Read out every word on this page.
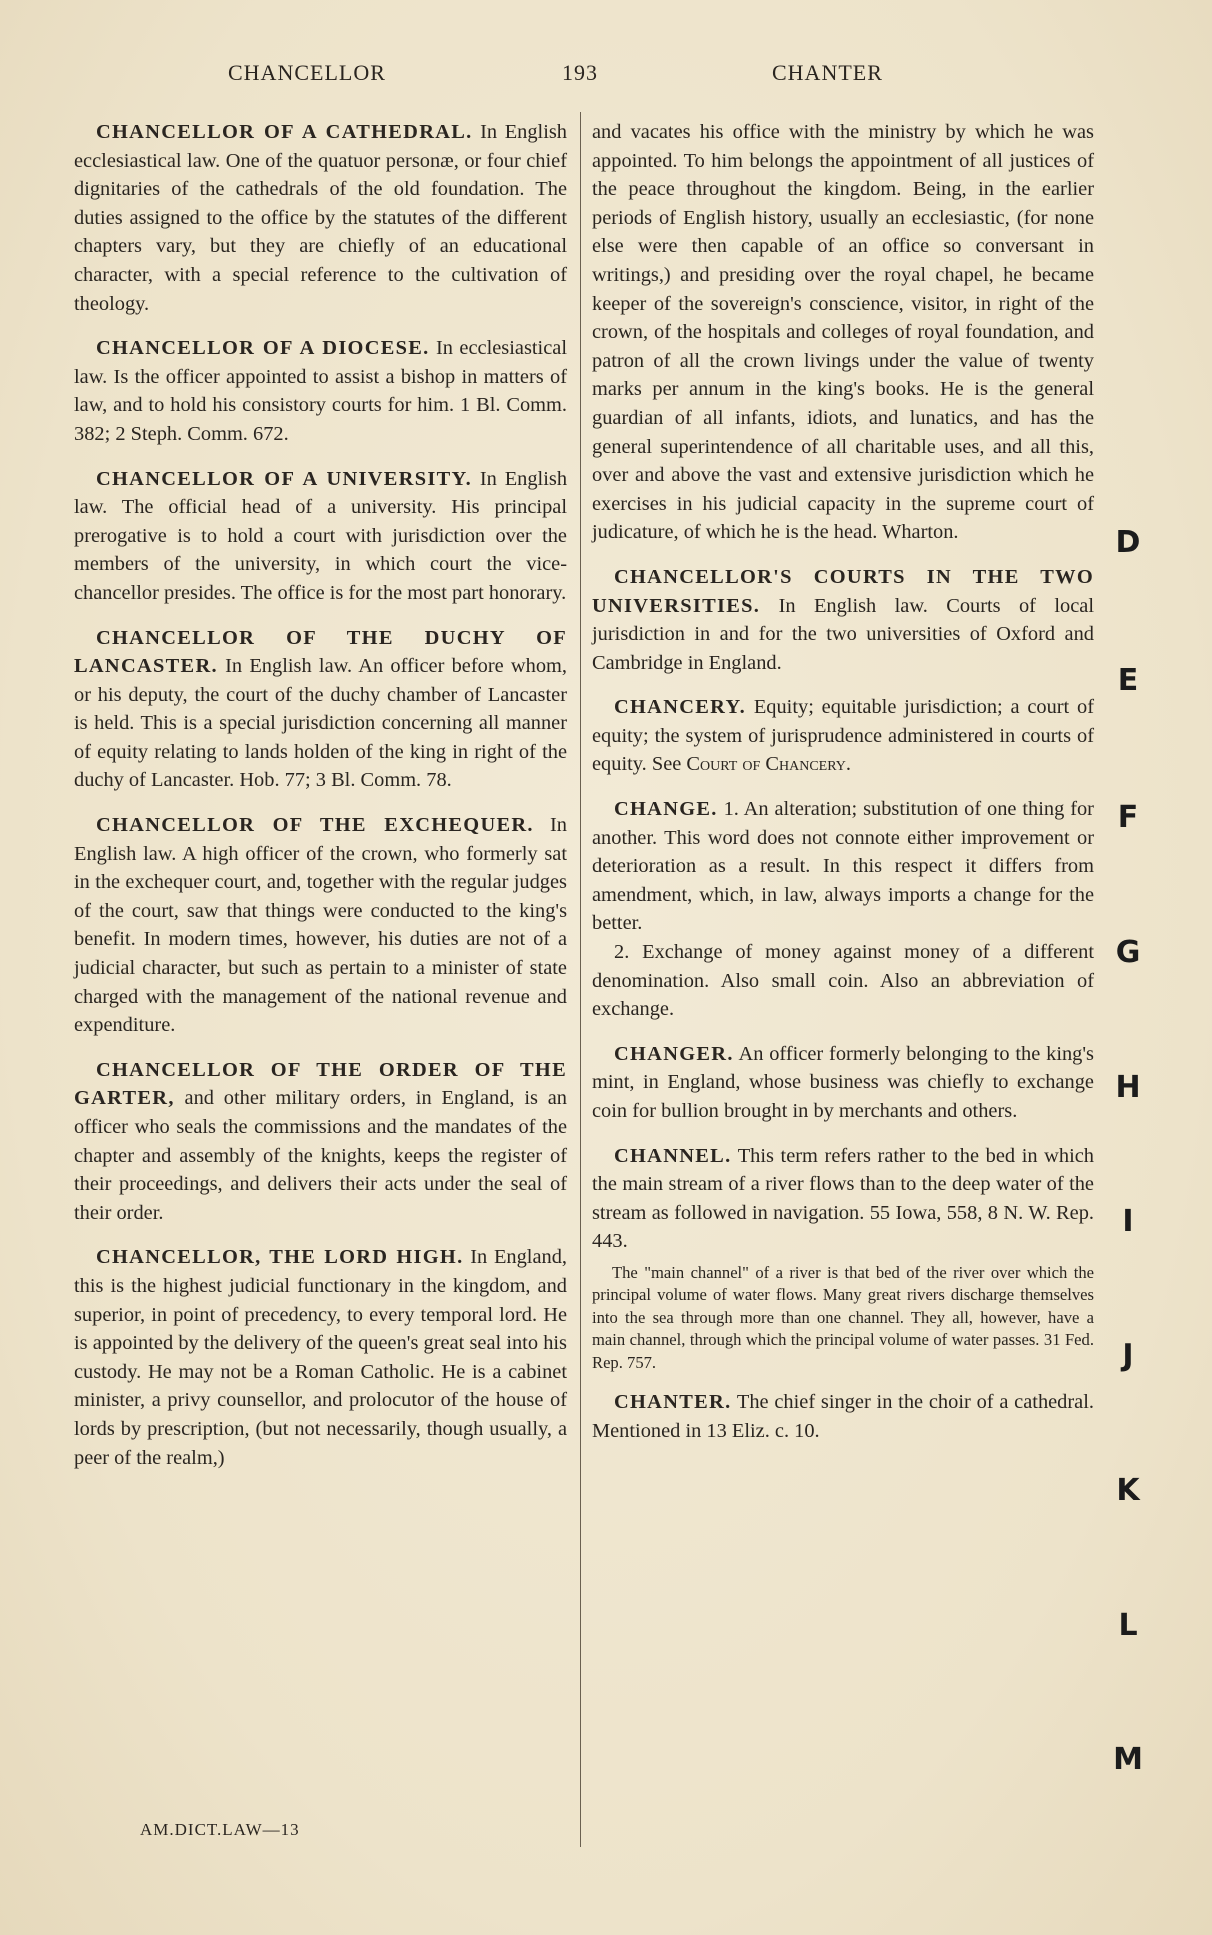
CHANCELLOR	193	CHANTER

CHANCELLOR OF A CATHEDRAL. In English ecclesiastical law. One of the quatuor personæ, or four chief dignitaries of the cathedrals of the old foundation. The duties assigned to the office by the statutes of the different chapters vary, but they are chiefly of an educational character, with a special reference to the cultivation of theology.

CHANCELLOR OF A DIOCESE. In ecclesiastical law. Is the officer appointed to assist a bishop in matters of law, and to hold his consistory courts for him. 1 Bl. Comm. 382; 2 Steph. Comm. 672.

CHANCELLOR OF A UNIVERSITY. In English law. The official head of a university. His principal prerogative is to hold a court with jurisdiction over the members of the university, in which court the vice-chancellor presides. The office is for the most part honorary.

CHANCELLOR OF THE DUCHY OF LANCASTER. In English law. An officer before whom, or his deputy, the court of the duchy chamber of Lancaster is held. This is a special jurisdiction concerning all manner of equity relating to lands holden of the king in right of the duchy of Lancaster. Hob. 77; 3 Bl. Comm. 78.

CHANCELLOR OF THE EXCHEQUER. In English law. A high officer of the crown, who formerly sat in the exchequer court, and, together with the regular judges of the court, saw that things were conducted to the king's benefit. In modern times, however, his duties are not of a judicial character, but such as pertain to a minister of state charged with the management of the national revenue and expenditure.

CHANCELLOR OF THE ORDER OF THE GARTER, and other military orders, in England, is an officer who seals the commissions and the mandates of the chapter and assembly of the knights, keeps the register of their proceedings, and delivers their acts under the seal of their order.

CHANCELLOR, THE LORD HIGH. In England, this is the highest judicial functionary in the kingdom, and superior, in point of precedency, to every temporal lord. He is appointed by the delivery of the queen's great seal into his custody. He may not be a Roman Catholic. He is a cabinet minister, a privy counsellor, and prolocutor of the house of lords by prescription, (but not necessarily, though usually, a peer of the realm,)

and vacates his office with the ministry by which he was appointed. To him belongs the appointment of all justices of the peace throughout the kingdom. Being, in the earlier periods of English history, usually an ecclesiastic, (for none else were then capable of an office so conversant in writings,) and presiding over the royal chapel, he became keeper of the sovereign's conscience, visitor, in right of the crown, of the hospitals and colleges of royal foundation, and patron of all the crown livings under the value of twenty marks per annum in the king's books. He is the general guardian of all infants, idiots, and lunatics, and has the general superintendence of all charitable uses, and all this, over and above the vast and extensive jurisdiction which he exercises in his judicial capacity in the supreme court of judicature, of which he is the head. Wharton.

CHANCELLOR'S COURTS IN THE TWO UNIVERSITIES. In English law. Courts of local jurisdiction in and for the two universities of Oxford and Cambridge in England.

CHANCERY. Equity; equitable jurisdiction; a court of equity; the system of jurisprudence administered in courts of equity. See Court of Chancery.

CHANGE. 1. An alteration; substitution of one thing for another. This word does not connote either improvement or deterioration as a result. In this respect it differs from amendment, which, in law, always imports a change for the better.

2. Exchange of money against money of a different denomination. Also small coin. Also an abbreviation of exchange.

CHANGER. An officer formerly belonging to the king's mint, in England, whose business was chiefly to exchange coin for bullion brought in by merchants and others.

CHANNEL. This term refers rather to the bed in which the main stream of a river flows than to the deep water of the stream as followed in navigation. 55 Iowa, 558, 8 N. W. Rep. 443.

The "main channel" of a river is that bed of the river over which the principal volume of water flows. Many great rivers discharge themselves into the sea through more than one channel. They all, however, have a main channel, through which the principal volume of water passes. 31 Fed. Rep. 757.

CHANTER. The chief singer in the choir of a cathedral. Mentioned in 13 Eliz. c. 10.

AM.DICT.LAW—13
D
E
F
G
H
I
J
K
L
M
